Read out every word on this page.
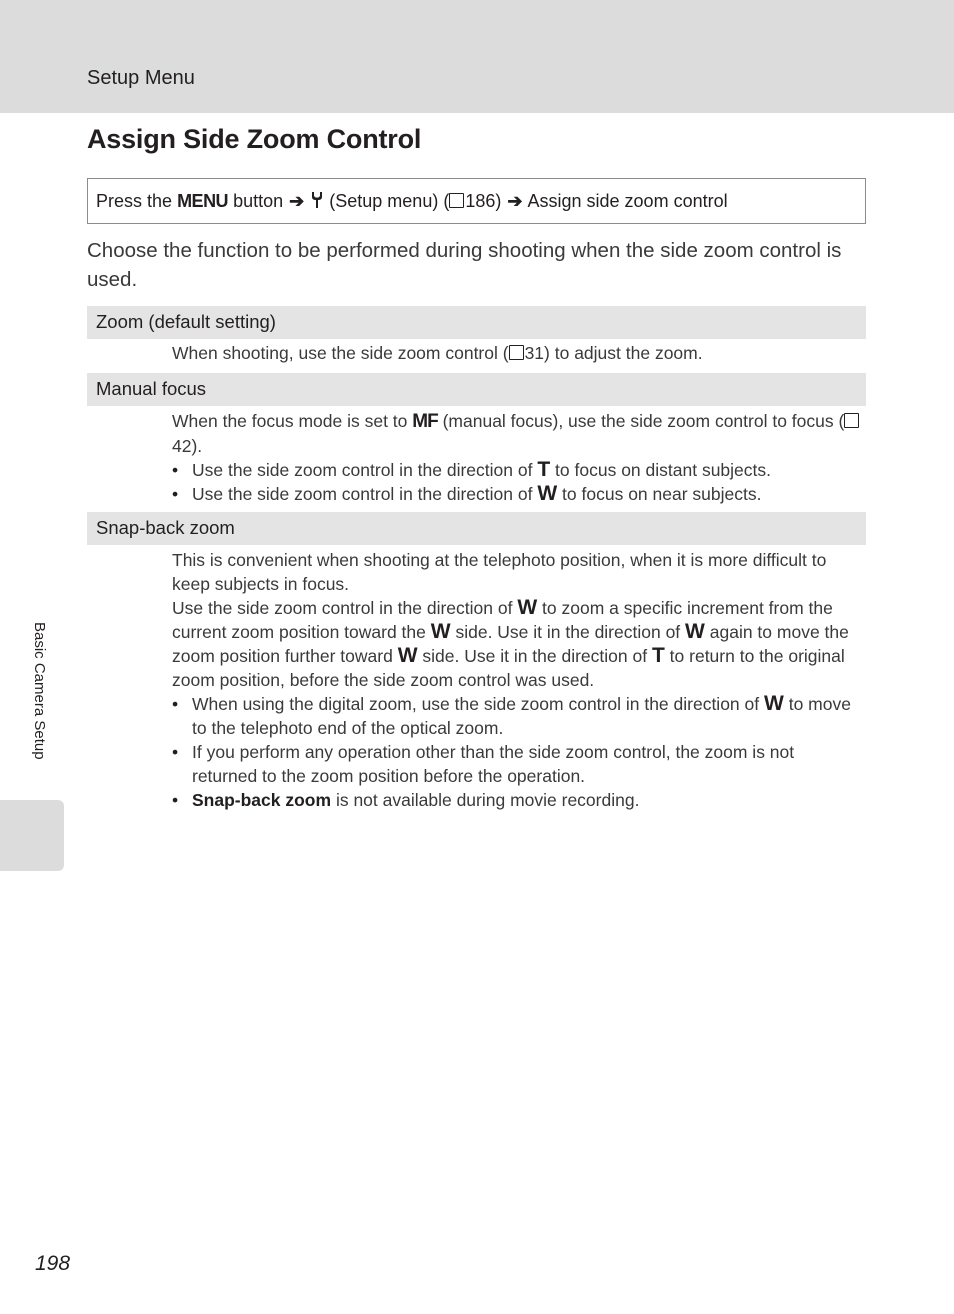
Setup Menu
Assign Side Zoom Control
Press the MENU button ➔ (Setup menu) ( 186) ➔ Assign side zoom control

Choose the function to be performed during shooting when the side zoom control is used.

Zoom (default setting)

When shooting, use the side zoom control ( 31) to adjust the zoom.

Manual focus

When the focus mode is set to MF (manual focus), use the side zoom control to focus (42).

• Use the side zoom control in the direction of T to focus on distant subjects.
• Use the side zoom control in the direction of W to focus on near subjects.
Snap-back zoom

This is convenient when shooting at the telephoto position, when it is more difficult to keep subjects in focus.

Use the side zoom control in the direction of W to zoom a specific increment from the current zoom position toward the W side. Use it in the direction of W again to move the zoom position further toward W side. Use it in the direction of T to return to the original zoom position, before the side zoom control was used.

• When using the digital zoom, use the side zoom control in the direction of W to move to the telephoto end of the optical zoom.
• If you perform any operation other than the side zoom control, the zoom is not returned to the zoom position before the operation.
• Snap-back zoom is not available during movie recording.
Basic Camera Setup
198
